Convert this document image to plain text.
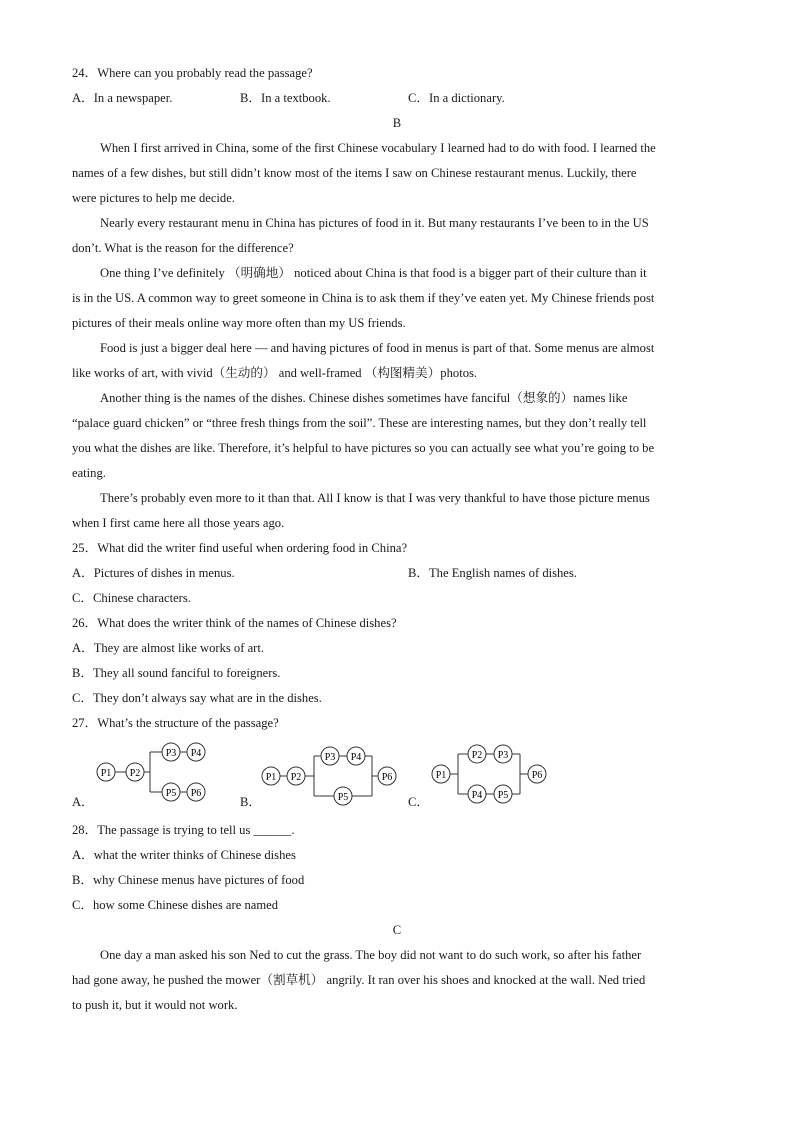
24．Where can you probably read the passage?
A．In a newspaper.	B．In a textbook.	C．In a dictionary.
B
When I first arrived in China, some of the first Chinese vocabulary I learned had to do with food. I learned the
names of a few dishes, but still didn’t know most of the items I saw on Chinese restaurant menus. Luckily, there
were pictures to help me decide.
Nearly every restaurant menu in China has pictures of food in it. But many restaurants I’ve been to in the US
don’t. What is the reason for the difference?
One thing I’ve definitely （明确地） noticed about China is that food is a bigger part of their culture than it
is in the US. A common way to greet someone in China is to ask them if they’ve eaten yet. My Chinese friends post
pictures of their meals online way more often than my US friends.
Food is just a bigger deal here — and having pictures of food in menus is part of that. Some menus are almost
like works of art, with vivid（生动的） and well-framed （构图精美）photos.
Another thing is the names of the dishes. Chinese dishes sometimes have fanciful（想象的）names like
“palace guard chicken” or “three fresh things from the soil”. These are interesting names, but they don’t really tell
you what the dishes are like. Therefore, it’s helpful to have pictures so you can actually see what you’re going to be
eating.
There’s probably even more to it than that. All I know is that I was very thankful to have those picture menus
when I first came here all those years ago.
25．What did the writer find useful when ordering food in China?
A．Pictures of dishes in menus.	B．The English names of dishes.
C．Chinese characters.
26．What does the writer think of the names of Chinese dishes?
A．They are almost like works of art.
B．They all sound fanciful to foreigners.
C．They don’t always say what are in the dishes.
27．What’s the structure of the passage?
A．
P1 P2
P3 P4
P5 P6
B．
P1 P2
P3 P4
P5
P6
C．
P1
P2 P3
P4 P5
P6
28．The passage is trying to tell us ______.
A．what the writer thinks of Chinese dishes
B．why Chinese menus have pictures of food
C．how some Chinese dishes are named
C
One day a man asked his son Ned to cut the grass. The boy did not want to do such work, so after his father
had gone away, he pushed the mower（割草机） angrily. It ran over his shoes and knocked at the wall. Ned tried
to push it, but it would not work.
